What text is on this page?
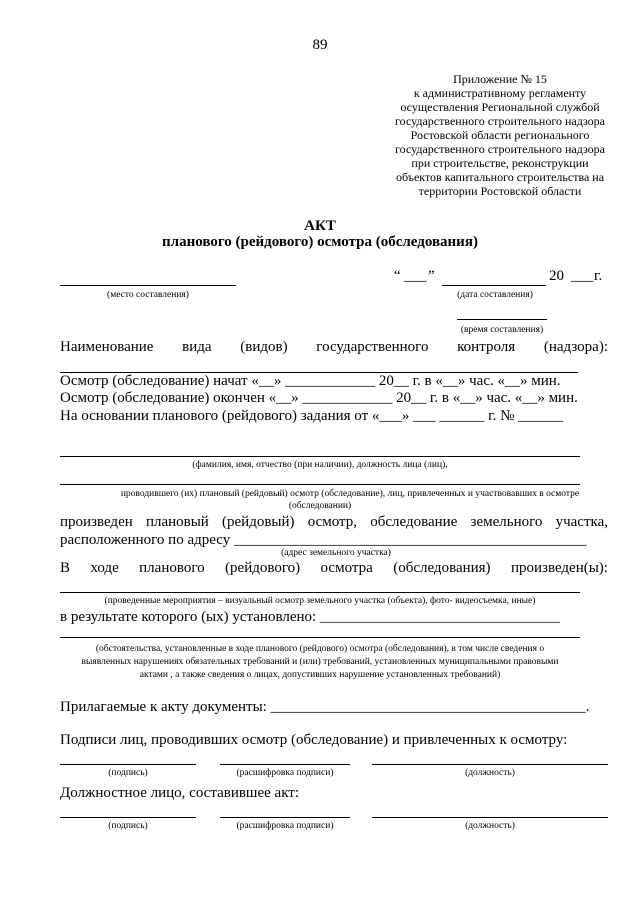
89
Приложение № 15
к административному регламенту
осуществления Региональной службой
государственного строительного надзора
Ростовской области регионального
государственного строительного надзора
при строительстве, реконструкции
объектов капитального строительства на
территории Ростовской области
АКТ
планового (рейдового) осмотра (обследования)
(место составления)
“ ___ ”	20 ___ г.
(дата составления)
(время составления)
Наименование вида (видов) государственного контроля (надзора):
Осмотр (обследование) начат «__» ____________ 20__ г. в «__» час. «__» мин.
Осмотр (обследование) окончен «__» ____________ 20__ г. в «__» час. «__» мин.
На основании планового (рейдового) задания от «___» ___ ______ г. № ______
(фамилия, имя, отчество (при наличии), должность лица (лиц),
проводившего (их) плановый (рейдовый) осмотр (обследование), лиц, привлеченных и участвовавших в осмотре
(обследовании)
произведен плановый (рейдовый) осмотр, обследование земельного участка,
расположенного по адресу _______________________________________________
(адрес земельного участка)
В ходе планового (рейдового) осмотра (обследования) произведен(ы):
(проведенные мероприятия – визуальный осмотр земельного участка (объекта), фото- видеосъемка, иные)
в результате которого (ых) установлено: ________________________________
(обстоятельства, установленные в ходе планового (рейдового) осмотра (обследования), в том числе сведения о
выявленных нарушениях обязательных требований и (или) требований, установленных муниципальными правовыми
актами , а также сведения о лицах, допустивших нарушение установленных требований)
Прилагаемые к акту документы: __________________________________________.
Подписи лиц, проводивших осмотр (обследование) и привлеченных к осмотру:
(подпись)	(расшифровка подписи)	(должность)
Должностное лицо, составившее акт:
(подпись)	(расшифровка подписи)	(должность)
